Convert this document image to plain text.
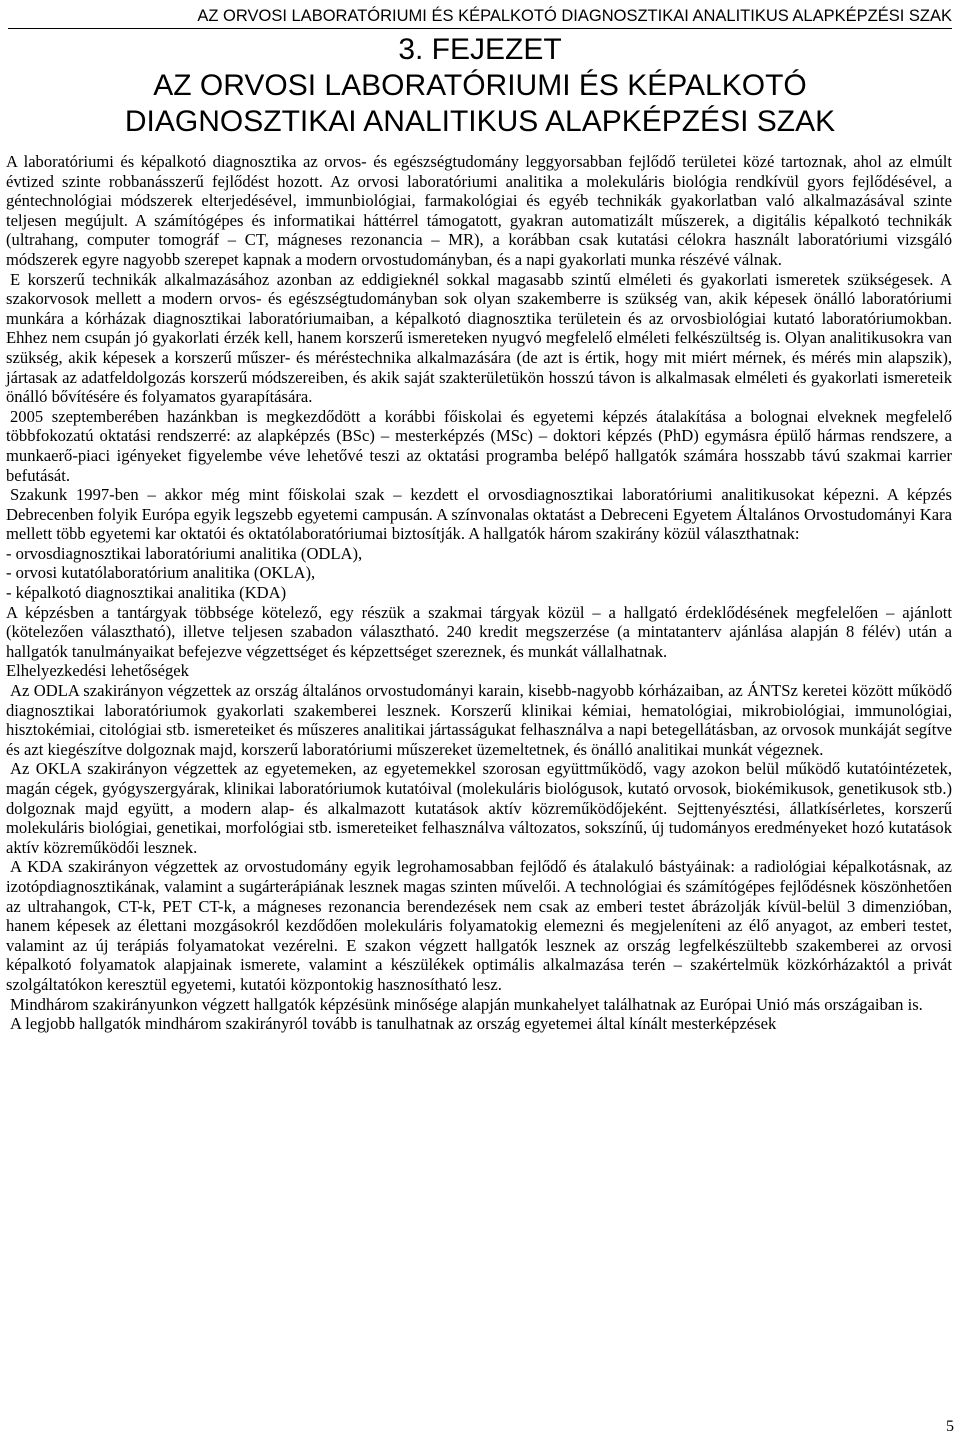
AZ ORVOSI LABORATÓRIUMI ÉS KÉPALKOTÓ DIAGNOSZTIKAI ANALITIKUS ALAPKÉPZÉSI SZAK
3. FEJEZET
AZ ORVOSI LABORATÓRIUMI ÉS KÉPALKOTÓ
DIAGNOSZTIKAI ANALITIKUS ALAPKÉPZÉSI SZAK

A laboratóriumi és képalkotó diagnosztika az orvos- és egészségtudomány leggyorsabban fejlődő területei közé tartoznak, ahol az elmúlt évtized szinte robbanásszerű fejlődést hozott. Az orvosi laboratóriumi analitika a molekuláris biológia rendkívül gyors fejlődésével, a géntechnológiai módszerek elterjedésével, immunbiológiai, farmakológiai és egyéb technikák gyakorlatban való alkalmazásával szinte teljesen megújult. A számítógépes és informatikai háttérrel támogatott, gyakran automatizált műszerek, a digitális képalkotó technikák (ultrahang, computer tomográf – CT, mágneses rezonancia – MR), a korábban csak kutatási célokra használt laboratóriumi vizsgáló módszerek egyre nagyobb szerepet kapnak a modern orvostudományban, és a napi gyakorlati munka részévé válnak.

E korszerű technikák alkalmazásához azonban az eddigieknél sokkal magasabb szintű elméleti és gyakorlati ismeretek szükségesek. A szakorvosok mellett a modern orvos- és egészségtudományban sok olyan szakemberre is szükség van, akik képesek önálló laboratóriumi munkára a kórházak diagnosztikai laboratóriumaiban, a képalkotó diagnosztika területein és az orvosbiológiai kutató laboratóriumokban. Ehhez nem csupán jó gyakorlati érzék kell, hanem korszerű ismereteken nyugvó megfelelő elméleti felkészültség is. Olyan analitikusokra van szükség, akik képesek a korszerű műszer- és méréstechnika alkalmazására (de azt is értik, hogy mit miért mérnek, és mérés min alapszik), jártasak az adatfeldolgozás korszerű módszereiben, és akik saját szakterületükön hosszú távon is alkalmasak elméleti és gyakorlati ismereteik önálló bővítésére és folyamatos gyarapítására.

2005 szeptemberében hazánkban is megkezdődött a korábbi főiskolai és egyetemi képzés átalakítása a bolognai elveknek megfelelő többfokozatú oktatási rendszerré: az alapképzés (BSc) – mesterképzés (MSc) – doktori képzés (PhD) egymásra épülő hármas rendszere, a munkaerő-piaci igényeket figyelembe véve lehetővé teszi az oktatási programba belépő hallgatók számára hosszabb távú szakmai karrier befutását.

Szakunk 1997-ben – akkor még mint főiskolai szak – kezdett el orvosdiagnosztikai laboratóriumi analitikusokat képezni. A képzés Debrecenben folyik Európa egyik legszebb egyetemi campusán. A színvonalas oktatást a Debreceni Egyetem Általános Orvostudományi Kara mellett több egyetemi kar oktatói és oktatólaboratóriumai biztosítják. A hallgatók három szakirány közül választhatnak:

- orvosdiagnosztikai laboratóriumi analitika (ODLA),

- orvosi kutatólaboratórium analitika (OKLA),

- képalkotó diagnosztikai analitika (KDA)

A képzésben a tantárgyak többsége kötelező, egy részük a szakmai tárgyak közül – a hallgató érdeklődésének megfelelően – ajánlott (kötelezően választható), illetve teljesen szabadon választható. 240 kredit megszerzése (a mintatanterv ajánlása alapján 8 félév) után a hallgatók tanulmányaikat befejezve végzettséget és képzettséget szereznek, és munkát vállalhatnak.

Elhelyezkedési lehetőségek

Az ODLA szakirányon végzettek az ország általános orvostudományi karain, kisebb-nagyobb kórházaiban, az ÁNTSz keretei között működő diagnosztikai laboratóriumok gyakorlati szakemberei lesznek. Korszerű klinikai kémiai, hematológiai, mikrobiológiai, immunológiai, hisztokémiai, citológiai stb. ismereteiket és műszeres analitikai jártasságukat felhasználva a napi betegellátásban, az orvosok munkáját segítve és azt kiegészítve dolgoznak majd, korszerű laboratóriumi műszereket üzemeltetnek, és önálló analitikai munkát végeznek.

Az OKLA szakirányon végzettek az egyetemeken, az egyetemekkel szorosan együttműködő, vagy azokon belül működő kutatóintézetek, magán cégek, gyógyszergyárak, klinikai laboratóriumok kutatóival (molekuláris biológusok, kutató orvosok, biokémikusok, genetikusok stb.) dolgoznak majd együtt, a modern alap- és alkalmazott kutatások aktív közreműködőjeként. Sejttenyésztési, állatkísérletes, korszerű molekuláris biológiai, genetikai, morfológiai stb. ismereteiket felhasználva változatos, sokszínű, új tudományos eredményeket hozó kutatások aktív közreműködői lesznek.

A KDA szakirányon végzettek az orvostudomány egyik legrohamosabban fejlődő és átalakuló bástyáinak: a radiológiai képalkotásnak, az izotópdiagnosztikának, valamint a sugárterápiának lesznek magas szinten művelői. A technológiai és számítógépes fejlődésnek köszönhetően az ultrahangok, CT-k, PET CT-k, a mágneses rezonancia berendezések nem csak az emberi testet ábrázolják kívül-belül 3 dimenzióban, hanem képesek az élettani mozgásokról kezdődően molekuláris folyamatokig elemezni és megjeleníteni az élő anyagot, az emberi testet, valamint az új terápiás folyamatokat vezérelni. E szakon végzett hallgatók lesznek az ország legfelkészültebb szakemberei az orvosi képalkotó folyamatok alapjainak ismerete, valamint a készülékek optimális alkalmazása terén – szakértelmük közkórházaktól a privát szolgáltatókon keresztül egyetemi, kutatói központokig hasznosítható lesz.

Mindhárom szakirányunkon végzett hallgatók képzésünk minősége alapján munkahelyet találhatnak az Európai Unió más országaiban is.

A legjobb hallgatók mindhárom szakirányról tovább is tanulhatnak az ország egyetemei által kínált mesterképzések

5
